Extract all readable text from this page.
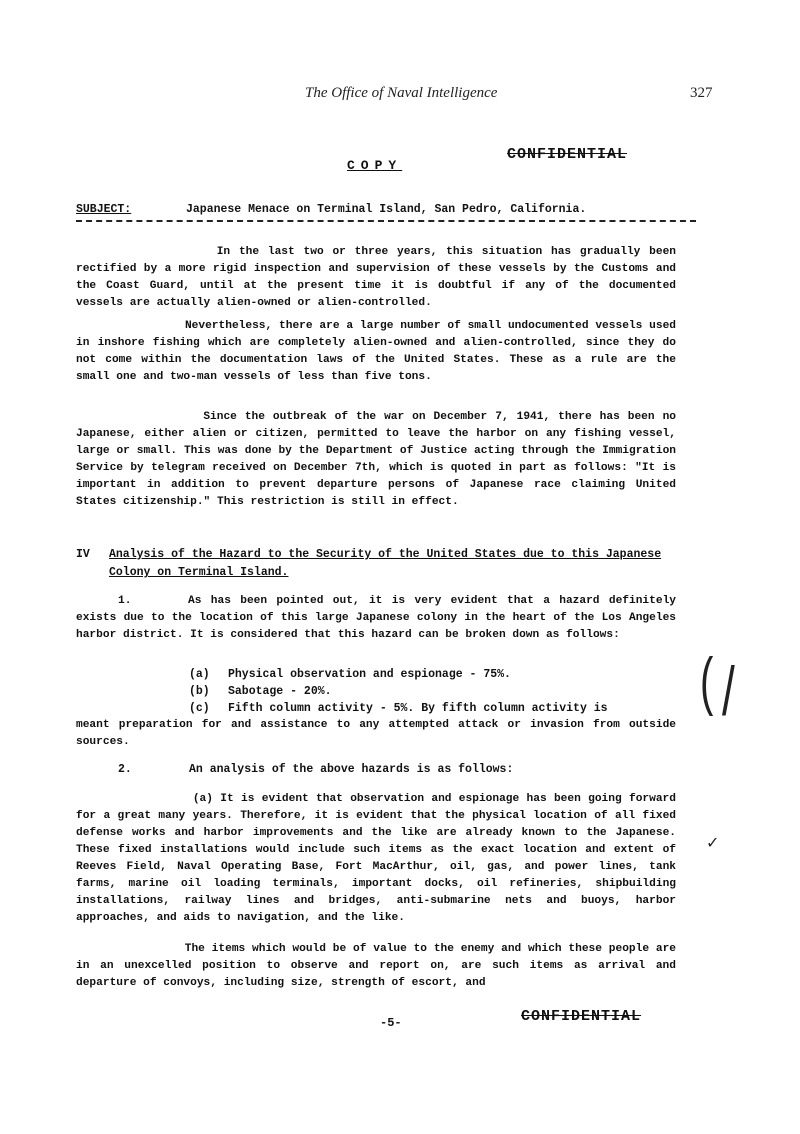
The Office of Naval Intelligence	327
COPY
CONFIDENTIAL
SUBJECT:	Japanese Menace on Terminal Island, San Pedro, California.
In the last two or three years, this situation has gradually been rectified by a more rigid inspection and supervision of these vessels by the Customs and the Coast Guard, until at the present time it is doubtful if any of the documented vessels are actually alien-owned or alien-controlled.
Nevertheless, there are a large number of small undocumented vessels used in inshore fishing which are completely alien-owned and alien-controlled, since they do not come within the documentation laws of the United States. These as a rule are the small one and two-man vessels of less than five tons.
Since the outbreak of the war on December 7, 1941, there has been no Japanese, either alien or citizen, permitted to leave the harbor on any fishing vessel, large or small. This was done by the Department of Justice acting through the Immigration Service by telegram received on December 7th, which is quoted in part as follows: "It is important in addition to prevent departure persons of Japanese race claiming United States citizenship." This restriction is still in effect.
IV Analysis of the Hazard to the Security of the United States due to this Japanese Colony on Terminal Island.
1.	As has been pointed out, it is very evident that a hazard definitely exists due to the location of this large Japanese colony in the heart of the Los Angeles harbor district. It is considered that this hazard can be broken down as follows:
(a) Physical observation and espionage - 75%.
(b) Sabotage - 20%.
(c) Fifth column activity - 5%. By fifth column activity is
meant preparation for and assistance to any attempted attack or invasion from outside sources.
2.	An analysis of the above hazards is as follows:
(a) It is evident that observation and espionage has been going forward for a great many years. Therefore, it is evident that the physical location of all fixed defense works and harbor improvements and the like are already known to the Japanese. These fixed installations would include such items as the exact location and extent of Reeves Field, Naval Operating Base, Fort MacArthur, oil, gas, and power lines, tank farms, marine oil loading terminals, important docks, oil refineries, shipbuilding installations, railway lines and bridges, anti-submarine nets and buoys, harbor approaches, and aids to navigation, and the like.
The items which would be of value to the enemy and which these people are in an unexcelled position to observe and report on, are such items as arrival and departure of convoys, including size, strength of escort, and
-5-	CONFIDENTIAL
( /
✓
